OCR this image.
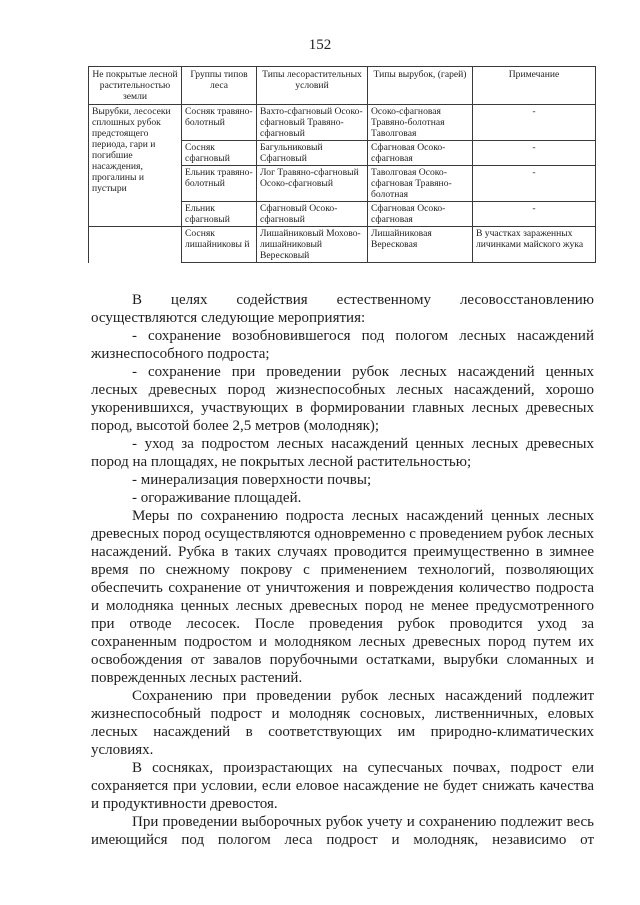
152
Не покрытые лесной растительностью земли	Группы типов леса	Типы лесорастительных условий	Типы вырубок, (гарей)	Примечание
Вырубки, лесосеки сплошных рубок предстоящего периода, гари и погибшие насаждения, прогалины и пустыри	Сосняк травяно-болотный	Вахто-сфагновый Осоко-сфагновый Травяно-сфагновый	Осоко-сфагновая Травяно-болотная Таволговая	-
	Сосняк сфагновый	Багульниковый Сфагновый	Сфагновая Осоко-сфагновая	-
	Ельник травяно-болотный	Лог Травяно-сфагновый Осоко-сфагновый	Таволговая Осоко-сфагновая Травяно-болотная	-
	Ельник сфагновый	Сфагновый Осоко-сфагновый	Сфагновая Осоко-сфагновая	-
	Сосняк лишайниковы й	Лишайниковый Мохово-лишайниковый Вересковый	Лишайниковая Вересковая	В участках зараженных личинками майского жука

В целях содействия естественному лесовосстановлению

осуществляются следующие мероприятия:

- сохранение возобновившегося под пологом лесных насаждений жизнеспособного подроста;

- сохранение при проведении рубок лесных насаждений ценных лесных древесных пород жизнеспособных лесных насаждений, хорошо укоренившихся, участвующих в формировании главных лесных древесных пород, высотой более 2,5 метров (молодняк);

- уход за подростом лесных насаждений ценных лесных древесных пород на площадях, не покрытых лесной растительностью;

- минерализация поверхности почвы;

- огораживание площадей.

Меры по сохранению подроста лесных насаждений ценных лесных древесных пород осуществляются одновременно с проведением рубок лесных насаждений. Рубка в таких случаях проводится преимущественно в зимнее время по снежному покрову с применением технологий, позволяющих обеспечить сохранение от уничтожения и повреждения количество подроста и молодняка ценных лесных древесных пород не менее предусмотренного при отводе лесосек. После проведения рубок проводится уход за сохраненным подростом и молодняком лесных древесных пород путем их освобождения от завалов порубочными остатками, вырубки сломанных и поврежденных лесных растений.

Сохранению при проведении рубок лесных насаждений подлежит жизнеспособный подрост и молодняк сосновых, лиственничных, еловых лесных насаждений в соответствующих им природно-климатических условиях.

В сосняках, произрастающих на супесчаных почвах, подрост ели сохраняется при условии, если еловое насаждение не будет снижать качества и продуктивности древостоя.

При проведении выборочных рубок учету и сохранению подлежит весь имеющийся под пологом леса подрост и молодняк, независимо от
